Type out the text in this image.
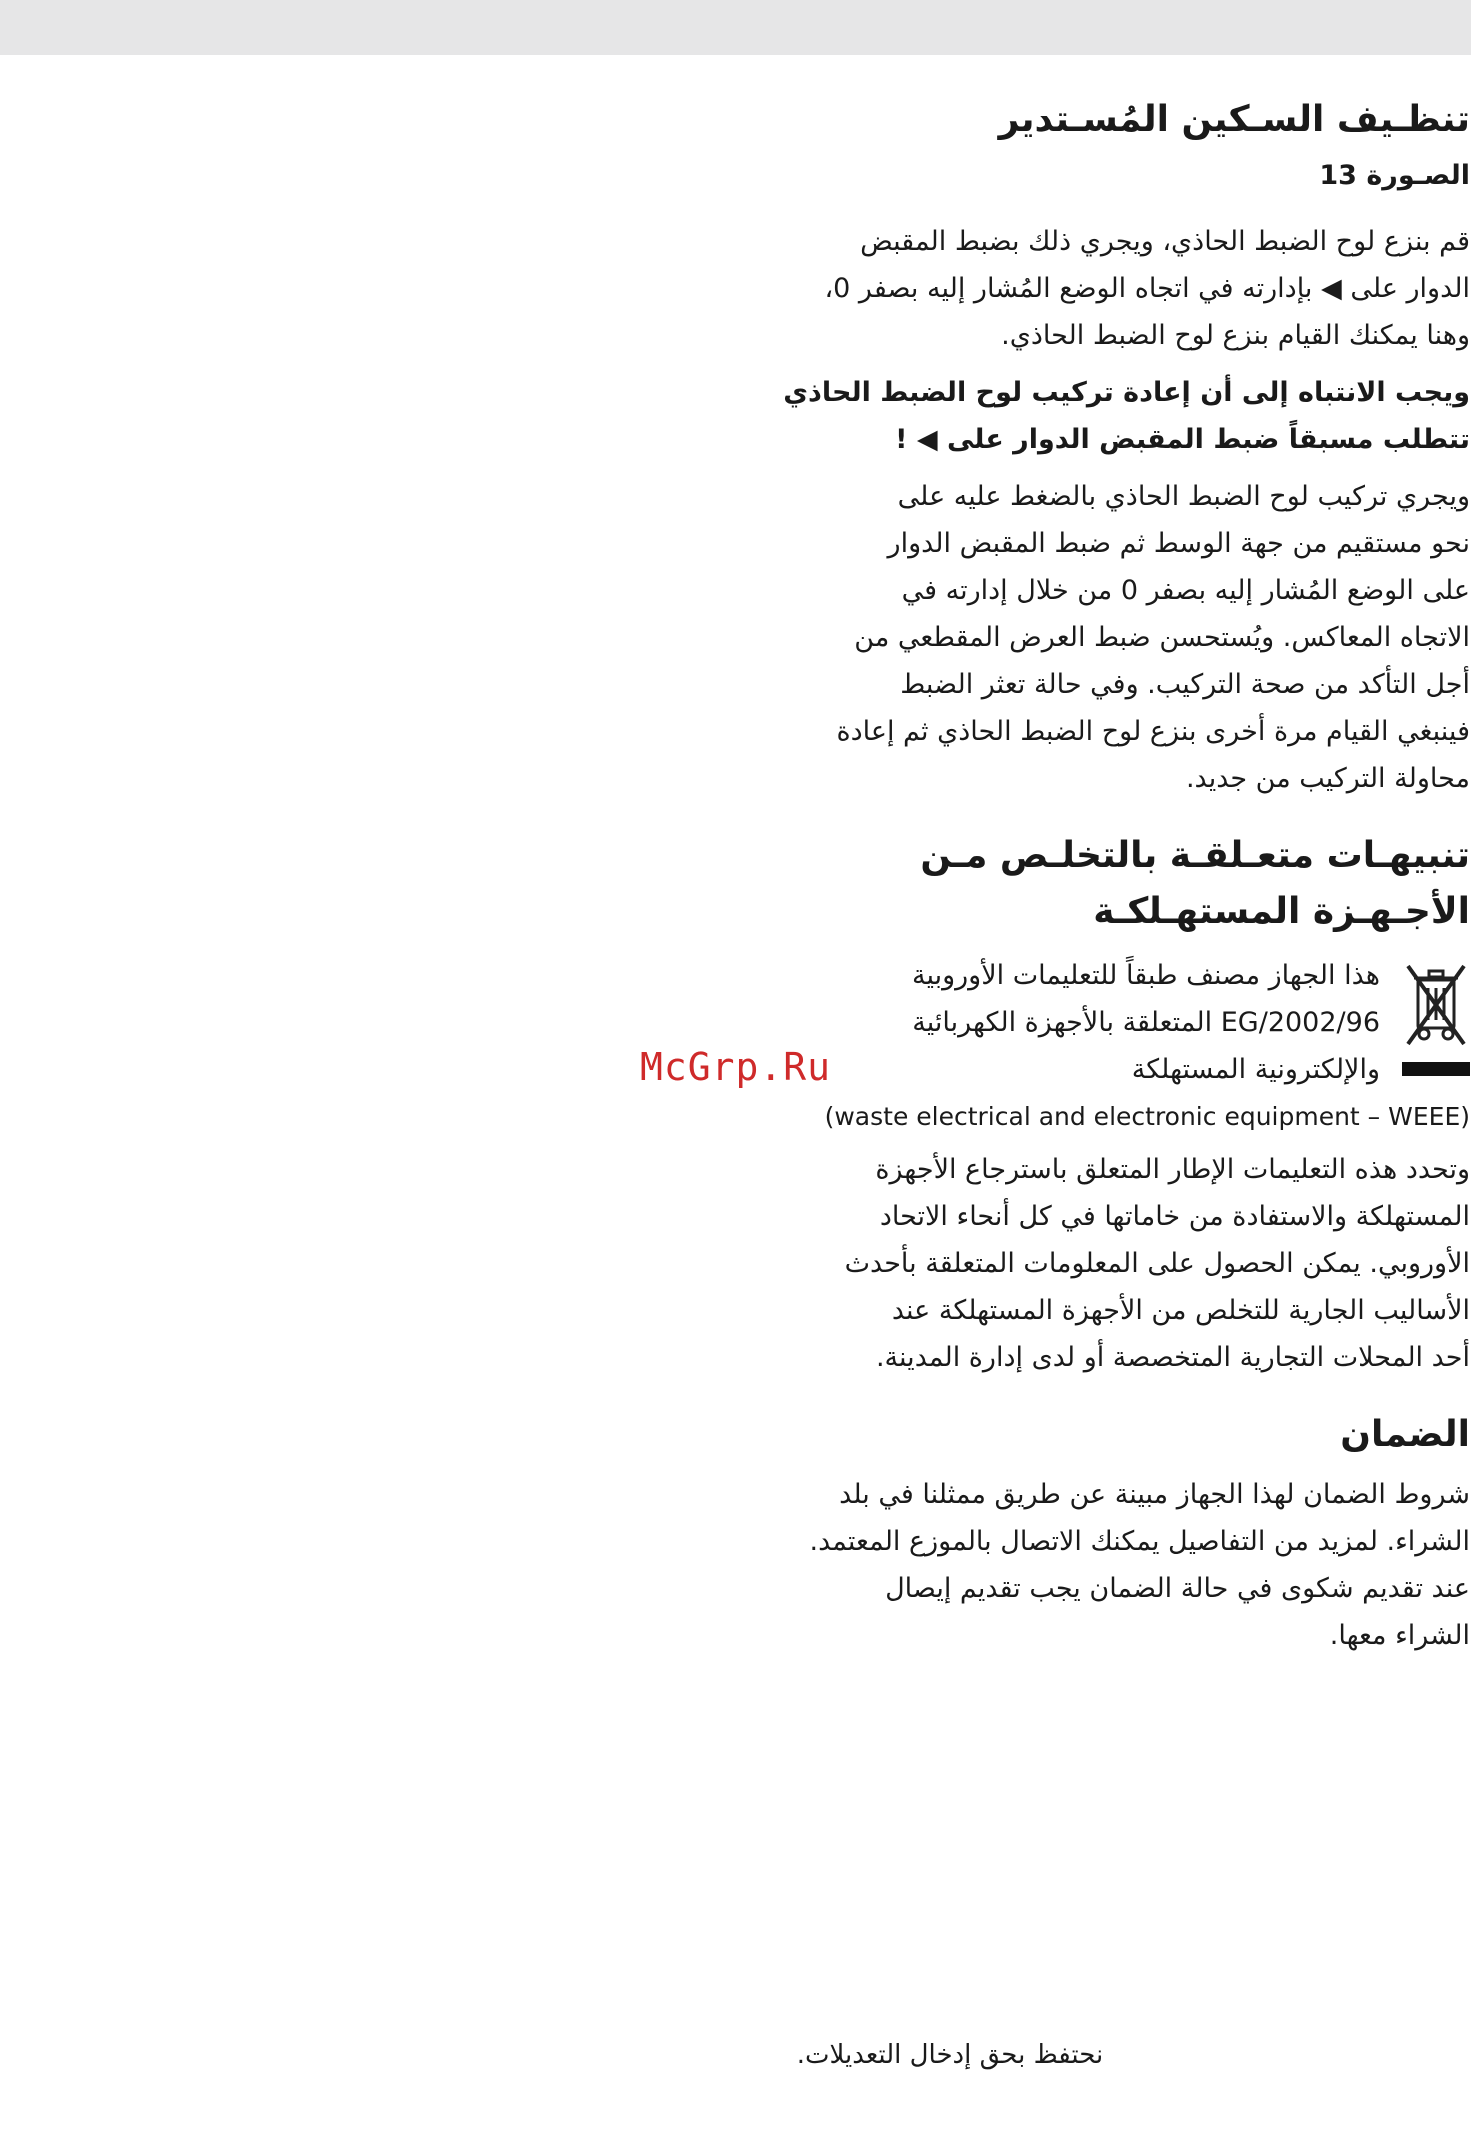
تنظـيف السـكين المُسـتدير
الصـورة 13
قم بنزع لوح الضبط الحاذي، ويجري ذلك بضبط المقبض
الدوار على ◀ بإدارته في اتجاه الوضع المُشار إليه بصفر 0،
وهنا يمكنك القيام بنزع لوح الضبط الحاذي.
ويجب الانتباه إلى أن إعادة تركيب لوح الضبط الحاذي
تتطلب مسبقاً ضبط المقبض الدوار على ◀ !
ويجري تركيب لوح الضبط الحاذي بالضغط عليه على
نحو مستقيم من جهة الوسط ثم ضبط المقبض الدوار
على الوضع المُشار إليه بصفر 0 من خلال إدارته في
الاتجاه المعاكس. ويُستحسن ضبط العرض المقطعي من
أجل التأكد من صحة التركيب. وفي حالة تعثر الضبط
فينبغي القيام مرة أخرى بنزع لوح الضبط الحاذي ثم إعادة
محاولة التركيب من جديد.
تنبيهـات متعـلقـة بالتخلـص مـن
الأجـهـزة المستهـلكـة
هذا الجهاز مصنف طبقاً للتعليمات الأوروبية
2002/96/EG المتعلقة بالأجهزة الكهربائية
والإلكترونية المستهلكة
(waste electrical and electronic equipment – WEEE)
وتحدد هذه التعليمات الإطار المتعلق باسترجاع الأجهزة
المستهلكة والاستفادة من خاماتها في كل أنحاء الاتحاد
الأوروبي. يمكن الحصول على المعلومات المتعلقة بأحدث
الأساليب الجارية للتخلص من الأجهزة المستهلكة عند
أحد المحلات التجارية المتخصصة أو لدى إدارة المدينة.
الضمان
شروط الضمان لهذا الجهاز مبينة عن طريق ممثلنا في بلد
الشراء. لمزيد من التفاصيل يمكنك الاتصال بالموزع المعتمد.
عند تقديم شكوى في حالة الضمان يجب تقديم إيصال
الشراء معها.
McGrp.Ru
نحتفظ بحق إدخال التعديلات.
